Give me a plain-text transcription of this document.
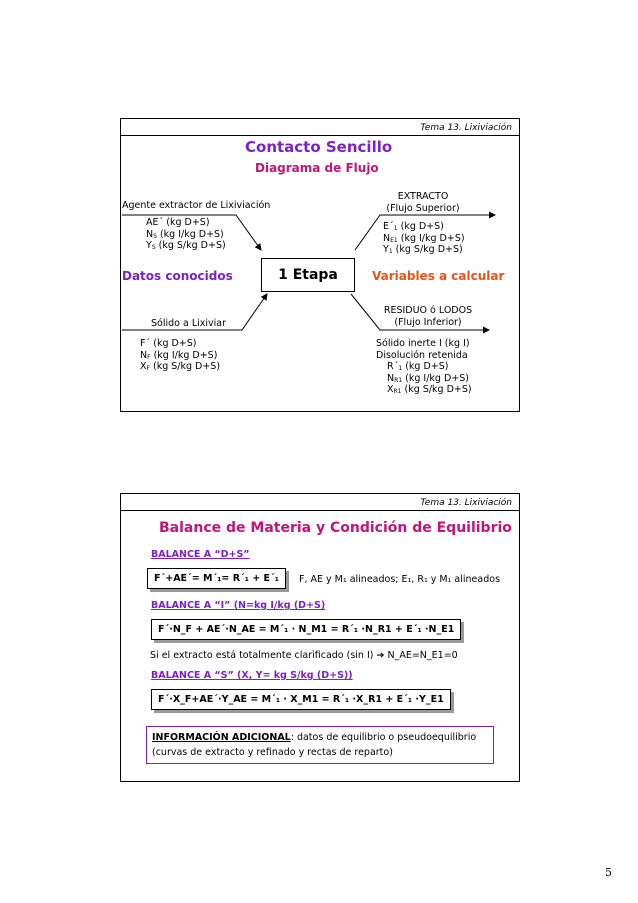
Tema 13. Lixiviación
Contacto Sencillo
Diagrama de Flujo
Agente extractor de Lixiviación
AE´ (kg D+S)
$N_S$ (kg I/kg D+S)
$Y_S$ (kg S/kg D+S)
EXTRACTO
(Flujo Superior)
$E´_1$ (kg D+S)
$N_{E1}$ (kg I/kg D+S)
$Y_1$ (kg S/kg D+S)
Datos conocidos	1 Etapa	Variables a calcular
Sólido a Lixiviar
F´ (kg D+S)
$N_F$ (kg I/kg D+S)
$X_F$ (kg S/kg D+S)
RESIDUO ó LODOS
(Flujo Inferior)
Sólido inerte I (kg I)
Disolución retenida
$R´_1$ (kg D+S)
$N_{R1}$ (kg I/kg D+S)
$X_{R1}$ (kg S/kg D+S)
Tema 13. Lixiviación
Balance de Materia y Condición de Equilibrio
BALANCE A “D+S”
F´+AE´= M´₁= R´₁ + E´₁	F, AE y M₁ alineados; E₁, R₁ y M₁ alineados
BALANCE A “I” (N=kg I/kg (D+S)
F´·N_F + AE´·N_AE = M´₁ · N_M1 = R´₁ ·N_R1 + E´₁ ·N_E1
Si el extracto está totalmente clarificado (sin I) ➔ N_AE=N_E1=0
BALANCE A “S” (X, Y= kg S/kg (D+S))
F´·X_F+AE´·Y_AE = M´₁ · X_M1 = R´₁ ·X_R1 + E´₁ ·Y_E1
INFORMACIÓN ADICIONAL: datos de equilibrio o pseudoequilibrio
(curvas de extracto y refinado y rectas de reparto)
5
